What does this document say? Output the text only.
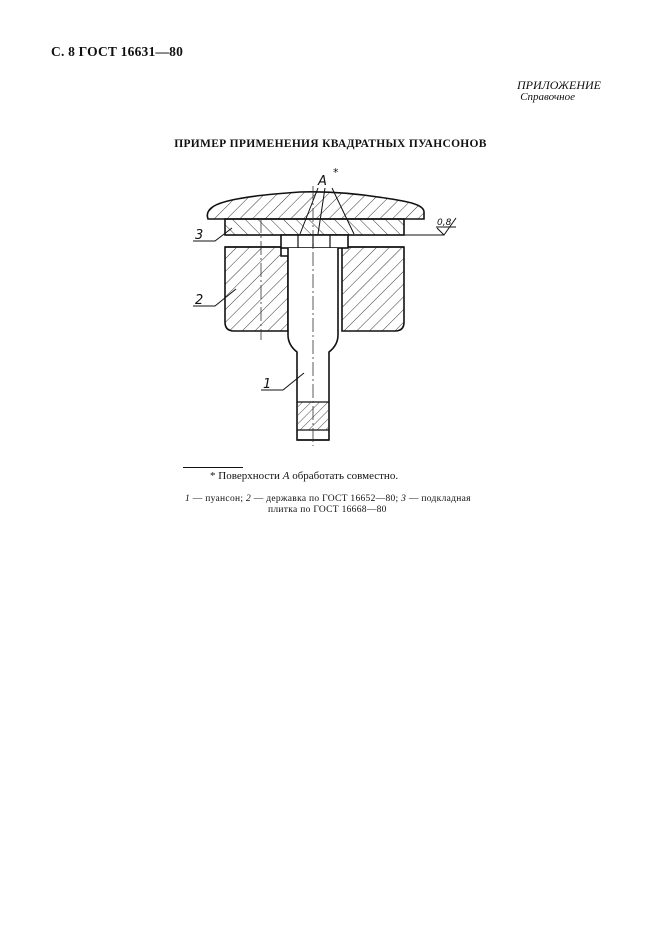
С. 8 ГОСТ 16631—80
ПРИЛОЖЕНИЕ
Справочное
ПРИМЕР ПРИМЕНЕНИЯ КВАДРАТНЫХ ПУАНСОНОВ
A
*
0,8
3
2
1
* Поверхности A обработать совместно.
1 — пуансон; 2 — державка по ГОСТ 16652—80; 3 — подкладная
плитка по ГОСТ 16668—80
